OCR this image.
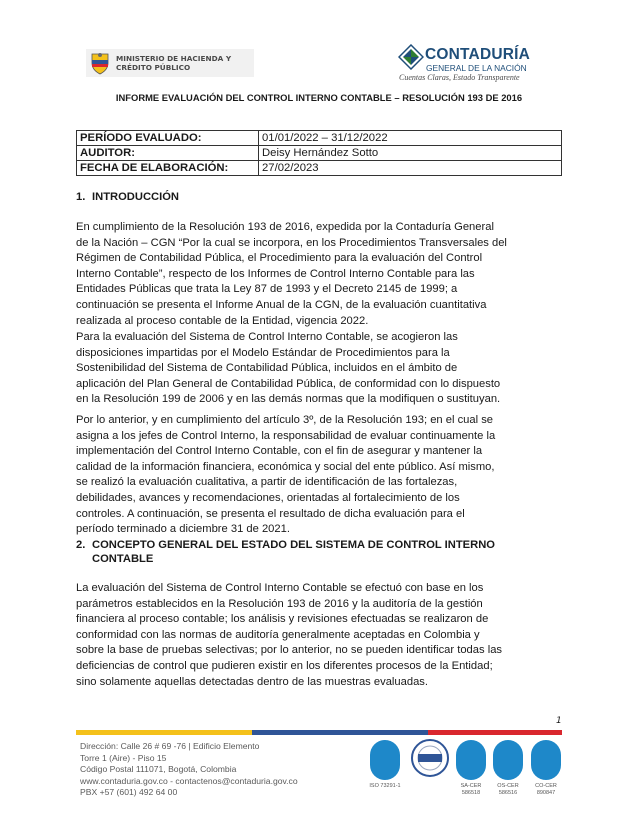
MINISTERIO DE HACIENDA Y
CRÉDITO PÚBLICO
CONTADURÍA
GENERAL DE LA NACIÓN
Cuentas Claras, Estado Transparente
INFORME EVALUACIÓN DEL CONTROL INTERNO CONTABLE – RESOLUCIÓN 193 DE 2016
PERÍODO EVALUADO:	01/01/2022 – 31/12/2022
AUDITOR:	Deisy Hernández Sotto
FECHA DE ELABORACIÓN:	27/02/2023
1. INTRODUCCIÓN
En cumplimiento de la Resolución 193 de 2016, expedida por la Contaduría General
de la Nación – CGN “Por la cual se incorpora, en los Procedimientos Transversales del
Régimen de Contabilidad Pública, el Procedimiento para la evaluación del Control
Interno Contable”, respecto de los Informes de Control Interno Contable para las
Entidades Públicas que trata la Ley 87 de 1993 y el Decreto 2145 de 1999; a
continuación se presenta el Informe Anual de la CGN, de la evaluación cuantitativa
realizada al proceso contable de la Entidad, vigencia 2022.
Para la evaluación del Sistema de Control Interno Contable, se acogieron las
disposiciones impartidas por el Modelo Estándar de Procedimientos para la
Sostenibilidad del Sistema de Contabilidad Pública, incluidos en el ámbito de
aplicación del Plan General de Contabilidad Pública, de conformidad con lo dispuesto
en la Resolución 199 de 2006 y en las demás normas que la modifiquen o sustituyan.
Por lo anterior, y en cumplimiento del artículo 3º, de la Resolución 193; en el cual se
asigna a los jefes de Control Interno, la responsabilidad de evaluar continuamente la
implementación del Control Interno Contable, con el fin de asegurar y mantener la
calidad de la información financiera, económica y social del ente público. Así mismo,
se realizó la evaluación cualitativa, a partir de identificación de las fortalezas,
debilidades, avances y recomendaciones, orientadas al fortalecimiento de los
controles. A continuación, se presenta el resultado de dicha evaluación para el
período terminado a diciembre 31 de 2021.
2. CONCEPTO GENERAL DEL ESTADO DEL SISTEMA DE CONTROL INTERNO
CONTABLE
La evaluación del Sistema de Control Interno Contable se efectuó con base en los
parámetros establecidos en la Resolución 193 de 2016 y la auditoría de la gestión
financiera al proceso contable; los análisis y revisiones efectuadas se realizaron de
conformidad con las normas de auditoría generalmente aceptadas en Colombia y
sobre la base de pruebas selectivas; por lo anterior, no se pueden identificar todas las
deficiencias de control que pudieren existir en los diferentes procesos de la Entidad;
sino solamente aquellas detectadas dentro de las muestras evaluadas.
1
Dirección: Calle 26 # 69 -76 | Edificio Elemento
Torre 1 (Aire) - Piso 15
Código Postal 111071, Bogotá, Colombia
www.contaduria.gov.co - contactenos@contaduria.gov.co
PBX +57 (601) 492 64 00
ISO 73291-1	SA-CER 586518
OS-CER 586516
CO-CER 890847
